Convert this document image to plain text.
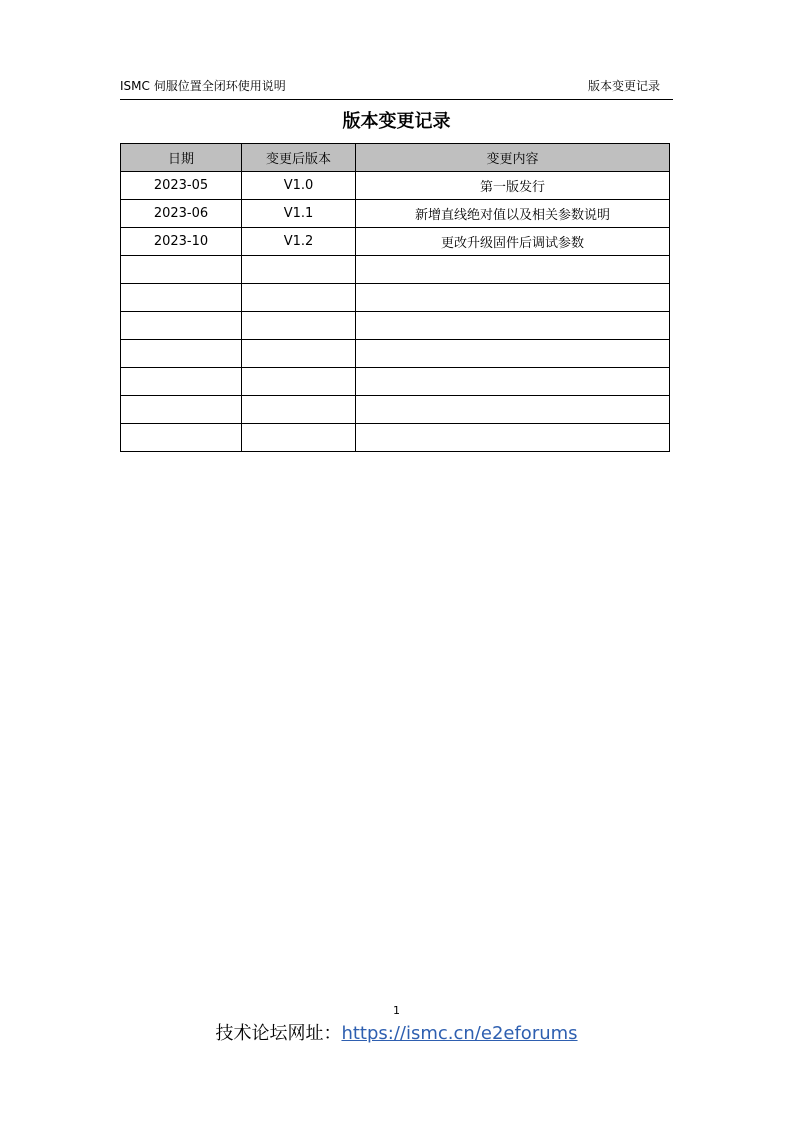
ISMC 伺服位置全闭环使用说明	版本变更记录
版本变更记录
日期	变更后版本	变更内容
2023-05	V1.0	第一版发行
2023-06	V1.1	新增直线绝对值以及相关参数说明
2023-10	V1.2	更改升级固件后调试参数

1
技术论坛网址：https://ismc.cn/e2eforums
